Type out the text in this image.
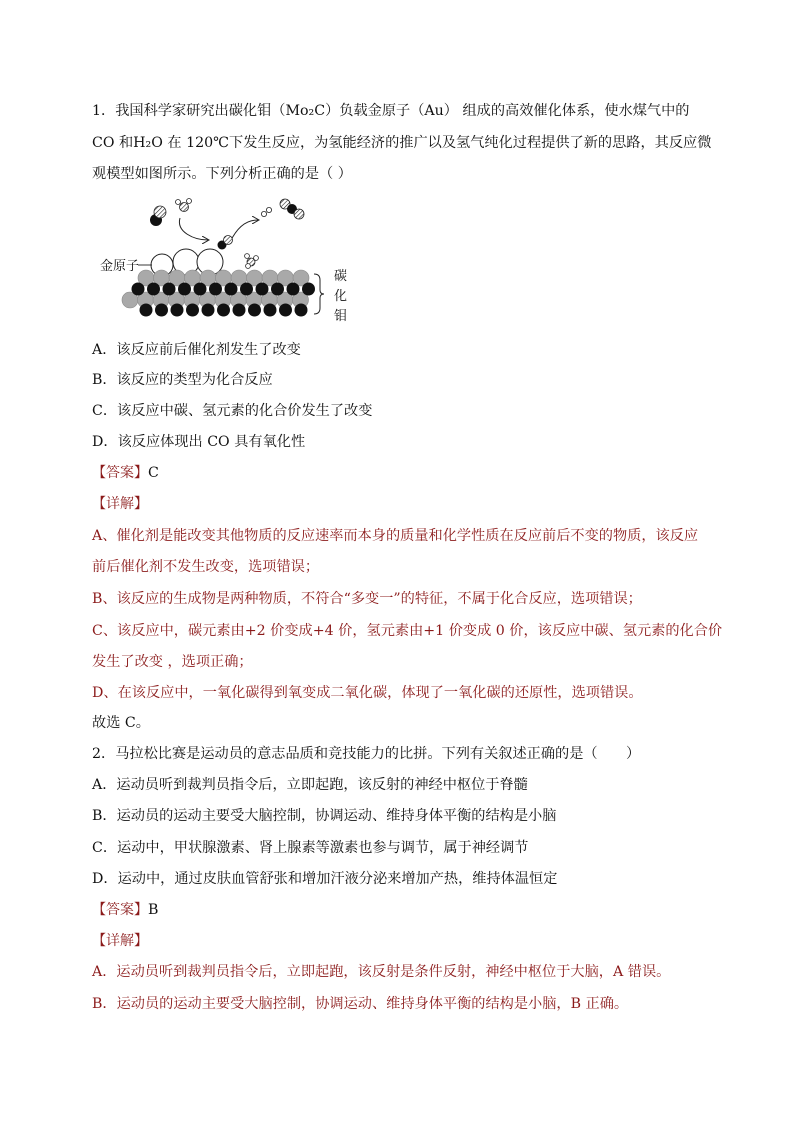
1．我国科学家研究出碳化钼（Mo₂C）负载金原子（Au） 组成的高效催化体系，使水煤气中的
CO 和H₂O 在 120℃下发生反应，为氢能经济的推广以及氢气纯化过程提供了新的思路，其反应微
观模型如图所示。下列分析正确的是（ ）
金原子
碳
化
钼
A．该反应前后催化剂发生了改变
B．该反应的类型为化合反应
C．该反应中碳、氢元素的化合价发生了改变
D．该反应体现出 CO 具有氧化性
【答案】C
【详解】
A、催化剂是能改变其他物质的反应速率而本身的质量和化学性质在反应前后不变的物质，该反应
前后催化剂不发生改变，选项错误；
B、该反应的生成物是两种物质，不符合“多变一”的特征，不属于化合反应，选项错误；
C、该反应中，碳元素由+2 价变成+4 价，氢元素由+1 价变成 0 价，该反应中碳、氢元素的化合价
发生了改变 ，选项正确；
D、在该反应中，一氧化碳得到氧变成二氧化碳，体现了一氧化碳的还原性，选项错误。
故选 C。
2．马拉松比赛是运动员的意志品质和竞技能力的比拼。下列有关叙述正确的是（　　）
A．运动员听到裁判员指令后，立即起跑，该反射的神经中枢位于脊髓
B．运动员的运动主要受大脑控制，协调运动、维持身体平衡的结构是小脑
C．运动中，甲状腺激素、肾上腺素等激素也参与调节，属于神经调节
D．运动中，通过皮肤血管舒张和增加汗液分泌来增加产热，维持体温恒定
【答案】B
【详解】
A．运动员听到裁判员指令后，立即起跑，该反射是条件反射，神经中枢位于大脑，A 错误。
B．运动员的运动主要受大脑控制，协调运动、维持身体平衡的结构是小脑，B 正确。
